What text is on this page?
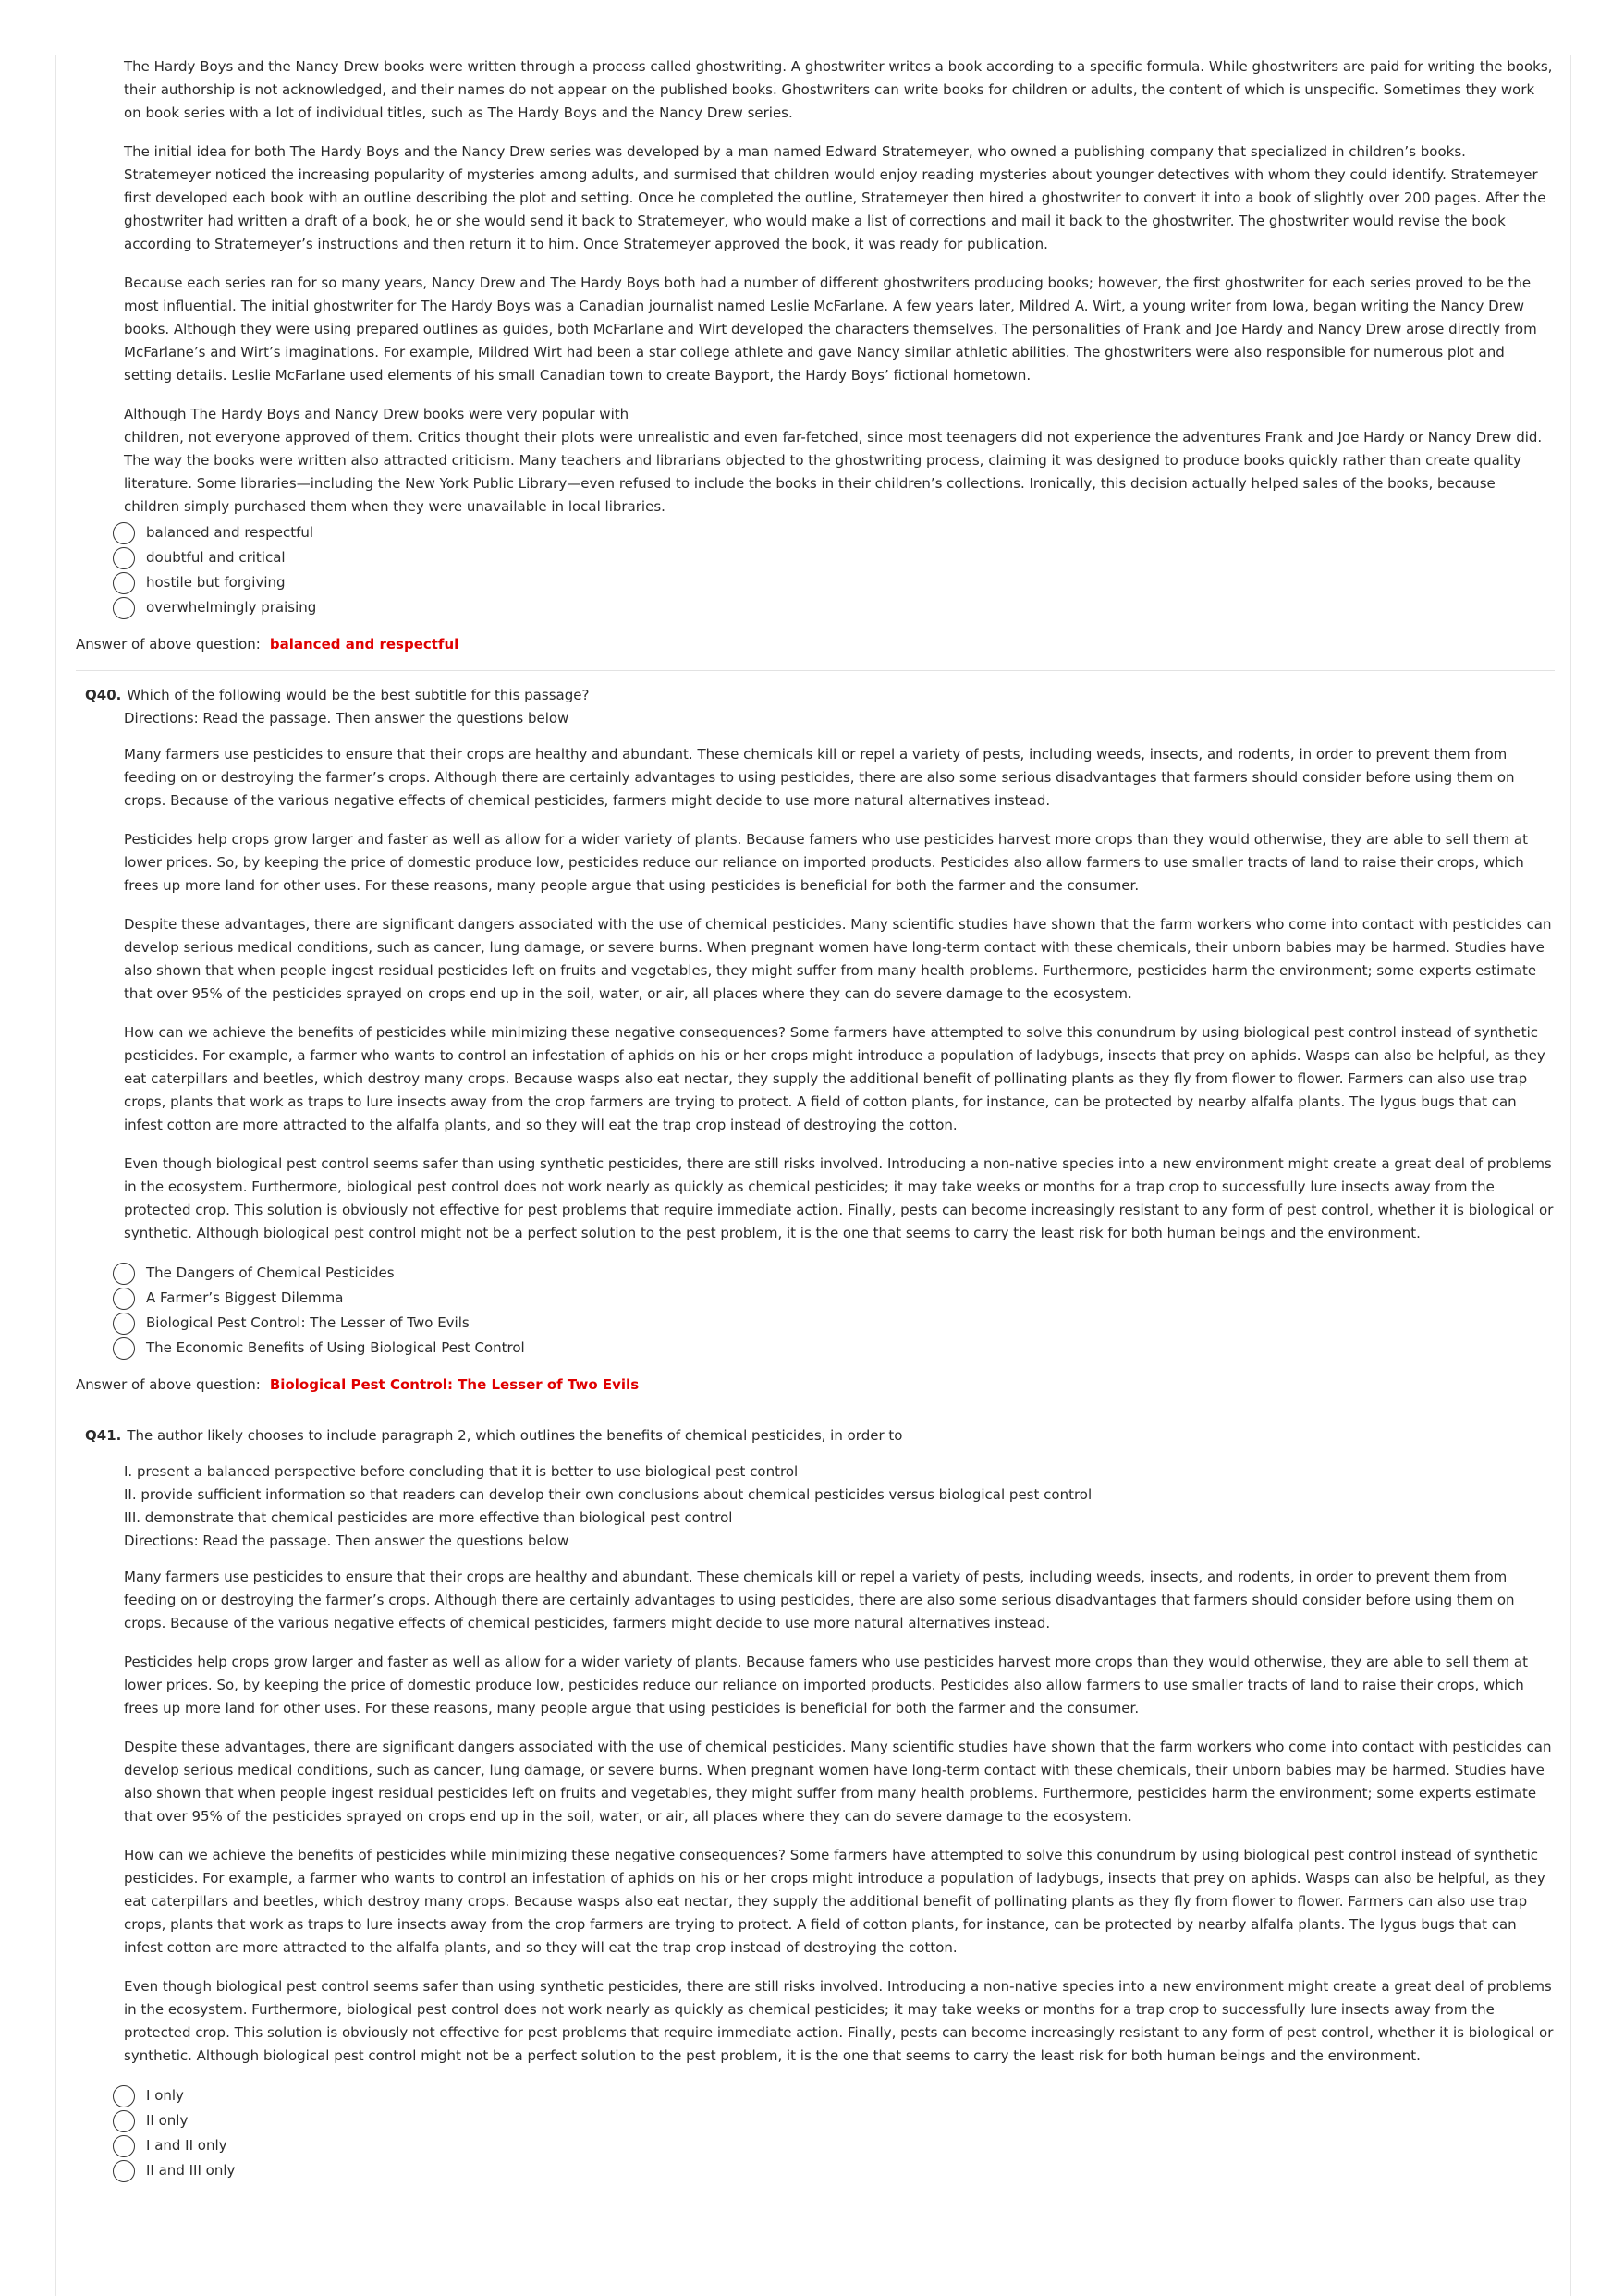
The Hardy Boys and the Nancy Drew books were written through a process called ghostwriting. A ghostwriter writes a book according to a specific formula. While ghostwriters are paid for writing the books, their authorship is not acknowledged, and their names do not appear on the published books. Ghostwriters can write books for children or adults, the content of which is unspecific. Sometimes they work on book series with a lot of individual titles, such as The Hardy Boys and the Nancy Drew series.

The initial idea for both The Hardy Boys and the Nancy Drew series was developed by a man named Edward Stratemeyer, who owned a publishing company that specialized in children’s books. Stratemeyer noticed the increasing popularity of mysteries among adults, and surmised that children would enjoy reading mysteries about younger detectives with whom they could identify. Stratemeyer first developed each book with an outline describing the plot and setting. Once he completed the outline, Stratemeyer then hired a ghostwriter to convert it into a book of slightly over 200 pages. After the ghostwriter had written a draft of a book, he or she would send it back to Stratemeyer, who would make a list of corrections and mail it back to the ghostwriter. The ghostwriter would revise the book according to Stratemeyer’s instructions and then return it to him. Once Stratemeyer approved the book, it was ready for publication.

Because each series ran for so many years, Nancy Drew and The Hardy Boys both had a number of different ghostwriters producing books; however, the first ghostwriter for each series proved to be the most influential. The initial ghostwriter for The Hardy Boys was a Canadian journalist named Leslie McFarlane. A few years later, Mildred A. Wirt, a young writer from Iowa, began writing the Nancy Drew books. Although they were using prepared outlines as guides, both McFarlane and Wirt developed the characters themselves. The personalities of Frank and Joe Hardy and Nancy Drew arose directly from McFarlane’s and Wirt’s imaginations. For example, Mildred Wirt had been a star college athlete and gave Nancy similar athletic abilities. The ghostwriters were also responsible for numerous plot and setting details. Leslie McFarlane used elements of his small Canadian town to create Bayport, the Hardy Boys’ fictional hometown.

Although The Hardy Boys and Nancy Drew books were very popular with
children, not everyone approved of them. Critics thought their plots were unrealistic and even far-fetched, since most teenagers did not experience the adventures Frank and Joe Hardy or Nancy Drew did. The way the books were written also attracted criticism. Many teachers and librarians objected to the ghostwriting process, claiming it was designed to produce books quickly rather than create quality literature. Some libraries—including the New York Public Library—even refused to include the books in their children’s collections. Ironically, this decision actually helped sales of the books, because children simply purchased them when they were unavailable in local libraries.
balanced and respectful
doubtful and critical
hostile but forgiving
overwhelmingly praising
Answer of above question: balanced and respectful
Q40. Which of the following would be the best subtitle for this passage?
Directions: Read the passage. Then answer the questions below

Many farmers use pesticides to ensure that their crops are healthy and abundant. These chemicals kill or repel a variety of pests, including weeds, insects, and rodents, in order to prevent them from feeding on or destroying the farmer’s crops. Although there are certainly advantages to using pesticides, there are also some serious disadvantages that farmers should consider before using them on crops. Because of the various negative effects of chemical pesticides, farmers might decide to use more natural alternatives instead.

Pesticides help crops grow larger and faster as well as allow for a wider variety of plants. Because famers who use pesticides harvest more crops than they would otherwise, they are able to sell them at lower prices. So, by keeping the price of domestic produce low, pesticides reduce our reliance on imported products. Pesticides also allow farmers to use smaller tracts of land to raise their crops, which frees up more land for other uses. For these reasons, many people argue that using pesticides is beneficial for both the farmer and the consumer.

Despite these advantages, there are significant dangers associated with the use of chemical pesticides. Many scientific studies have shown that the farm workers who come into contact with pesticides can develop serious medical conditions, such as cancer, lung damage, or severe burns. When pregnant women have long-term contact with these chemicals, their unborn babies may be harmed. Studies have also shown that when people ingest residual pesticides left on fruits and vegetables, they might suffer from many health problems. Furthermore, pesticides harm the environment; some experts estimate that over 95% of the pesticides sprayed on crops end up in the soil, water, or air, all places where they can do severe damage to the ecosystem.

How can we achieve the benefits of pesticides while minimizing these negative consequences? Some farmers have attempted to solve this conundrum by using biological pest control instead of synthetic pesticides. For example, a farmer who wants to control an infestation of aphids on his or her crops might introduce a population of ladybugs, insects that prey on aphids. Wasps can also be helpful, as they eat caterpillars and beetles, which destroy many crops. Because wasps also eat nectar, they supply the additional benefit of pollinating plants as they fly from flower to flower. Farmers can also use trap crops, plants that work as traps to lure insects away from the crop farmers are trying to protect. A field of cotton plants, for instance, can be protected by nearby alfalfa plants. The lygus bugs that can infest cotton are more attracted to the alfalfa plants, and so they will eat the trap crop instead of destroying the cotton.

Even though biological pest control seems safer than using synthetic pesticides, there are still risks involved. Introducing a non-native species into a new environment might create a great deal of problems in the ecosystem. Furthermore, biological pest control does not work nearly as quickly as chemical pesticides; it may take weeks or months for a trap crop to successfully lure insects away from the protected crop. This solution is obviously not effective for pest problems that require immediate action. Finally, pests can become increasingly resistant to any form of pest control, whether it is biological or synthetic. Although biological pest control might not be a perfect solution to the pest problem, it is the one that seems to carry the least risk for both human beings and the environment.

The Dangers of Chemical Pesticides
A Farmer’s Biggest Dilemma
Biological Pest Control: The Lesser of Two Evils
The Economic Benefits of Using Biological Pest Control
Answer of above question: Biological Pest Control: The Lesser of Two Evils
Q41. The author likely chooses to include paragraph 2, which outlines the benefits of chemical pesticides, in order to
I. present a balanced perspective before concluding that it is better to use biological pest control
II. provide sufficient information so that readers can develop their own conclusions about chemical pesticides versus biological pest control
III. demonstrate that chemical pesticides are more effective than biological pest control
Directions: Read the passage. Then answer the questions below

Many farmers use pesticides to ensure that their crops are healthy and abundant. These chemicals kill or repel a variety of pests, including weeds, insects, and rodents, in order to prevent them from feeding on or destroying the farmer’s crops. Although there are certainly advantages to using pesticides, there are also some serious disadvantages that farmers should consider before using them on crops. Because of the various negative effects of chemical pesticides, farmers might decide to use more natural alternatives instead.

Pesticides help crops grow larger and faster as well as allow for a wider variety of plants. Because famers who use pesticides harvest more crops than they would otherwise, they are able to sell them at lower prices. So, by keeping the price of domestic produce low, pesticides reduce our reliance on imported products. Pesticides also allow farmers to use smaller tracts of land to raise their crops, which frees up more land for other uses. For these reasons, many people argue that using pesticides is beneficial for both the farmer and the consumer.

Despite these advantages, there are significant dangers associated with the use of chemical pesticides. Many scientific studies have shown that the farm workers who come into contact with pesticides can develop serious medical conditions, such as cancer, lung damage, or severe burns. When pregnant women have long-term contact with these chemicals, their unborn babies may be harmed. Studies have also shown that when people ingest residual pesticides left on fruits and vegetables, they might suffer from many health problems. Furthermore, pesticides harm the environment; some experts estimate that over 95% of the pesticides sprayed on crops end up in the soil, water, or air, all places where they can do severe damage to the ecosystem.

How can we achieve the benefits of pesticides while minimizing these negative consequences? Some farmers have attempted to solve this conundrum by using biological pest control instead of synthetic pesticides. For example, a farmer who wants to control an infestation of aphids on his or her crops might introduce a population of ladybugs, insects that prey on aphids. Wasps can also be helpful, as they eat caterpillars and beetles, which destroy many crops. Because wasps also eat nectar, they supply the additional benefit of pollinating plants as they fly from flower to flower. Farmers can also use trap crops, plants that work as traps to lure insects away from the crop farmers are trying to protect. A field of cotton plants, for instance, can be protected by nearby alfalfa plants. The lygus bugs that can infest cotton are more attracted to the alfalfa plants, and so they will eat the trap crop instead of destroying the cotton.

Even though biological pest control seems safer than using synthetic pesticides, there are still risks involved. Introducing a non-native species into a new environment might create a great deal of problems in the ecosystem. Furthermore, biological pest control does not work nearly as quickly as chemical pesticides; it may take weeks or months for a trap crop to successfully lure insects away from the protected crop. This solution is obviously not effective for pest problems that require immediate action. Finally, pests can become increasingly resistant to any form of pest control, whether it is biological or synthetic. Although biological pest control might not be a perfect solution to the pest problem, it is the one that seems to carry the least risk for both human beings and the environment.

I only
II only
I and II only
II and III only
